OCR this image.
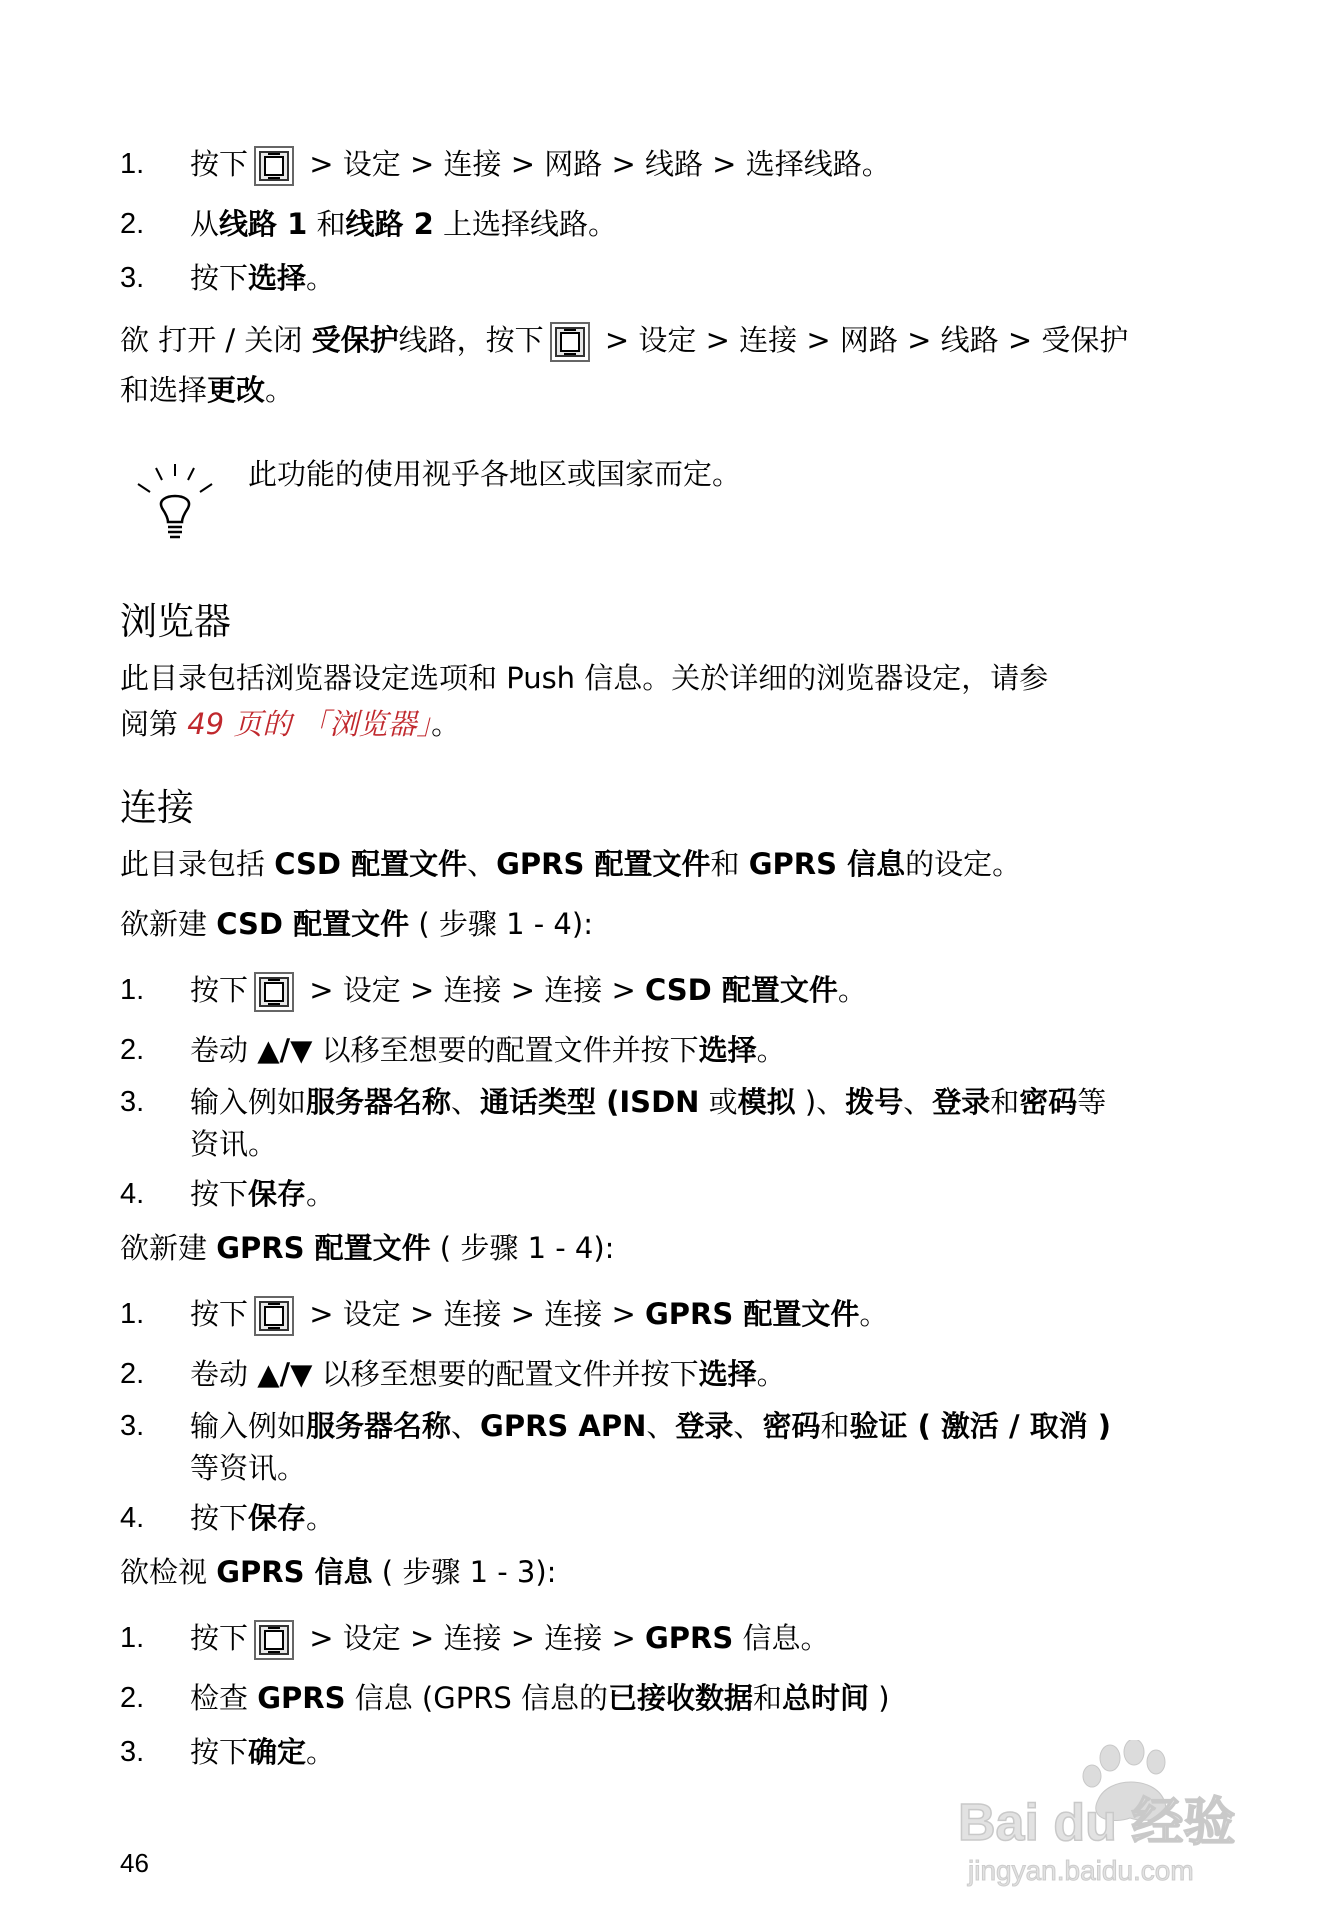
1. 按下
> 设定 > 连接 > 网路 > 线路 > 选择线路。
2. 从线路 1 和线路 2 上选择线路。
3. 按下选择。
欲 打开 / 关闭 受保护线路，按下
> 设定 > 连接 > 网路 > 线路 > 受保护
和选择更改。
此功能的使用视乎各地区或国家而定。
浏览器
此目录包括浏览器设定选项和 Push 信息。关於详细的浏览器设定，请参
阅第 49 页的 「浏览器」。
连接
此目录包括 CSD 配置文件、GPRS 配置文件和 GPRS 信息的设定。
欲新建 CSD 配置文件 ( 步骤 1 - 4):
1. 按下
> 设定 > 连接 > 连接 > CSD 配置文件。
2. 卷动 ▲/▼ 以移至想要的配置文件并按下选择。
3. 输入例如服务器名称、通话类型 (ISDN 或模拟 )、拨号、登录和密码等
资讯。
4. 按下保存。
欲新建 GPRS 配置文件 ( 步骤 1 - 4):
1. 按下
> 设定 > 连接 > 连接 > GPRS 配置文件。
2. 卷动 ▲/▼ 以移至想要的配置文件并按下选择。
3. 输入例如服务器名称、GPRS APN、登录、密码和验证 ( 激活 / 取消 )
等资讯。
4. 按下保存。
欲检视 GPRS 信息 ( 步骤 1 - 3):
1. 按下
> 设定 > 连接 > 连接 > GPRS 信息。
2. 检查 GPRS 信息 (GPRS 信息的已接收数据和总时间 )
3. 按下确定。
46
Bai du 经验
jingyan.baidu.com
